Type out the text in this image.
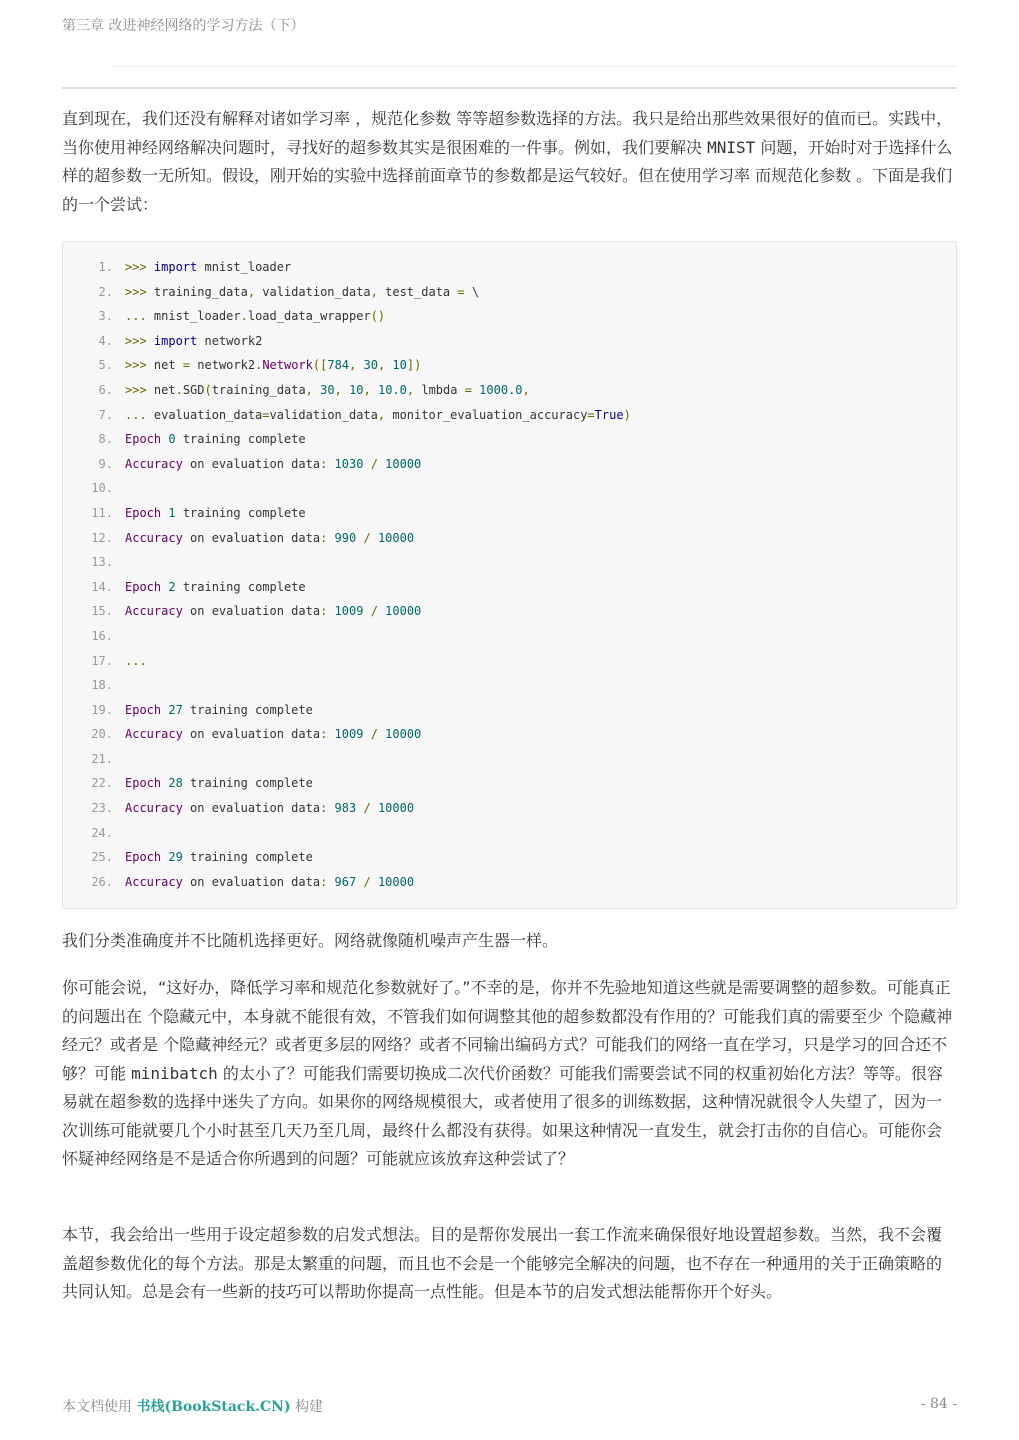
第三章 改进神经网络的学习方法（下）

直到现在，我们还没有解释对诸如学习率 ，规范化参数 等等超参数选择的方法。我只是给出那些效果很好的值而已。实践中，当你使用神经网络解决问题时，寻找好的超参数其实是很困难的一件事。例如，我们要解决 MNIST 问题，开始时对于选择什么样的超参数一无所知。假设，刚开始的实验中选择前面章节的参数都是运气较好。但在使用学习率 而规范化参数 。下面是我们的一个尝试：

1. >>> import mnist_loader
2. >>> training_data, validation_data, test_data = \
3. ... mnist_loader.load_data_wrapper()
4. >>> import network2
5. >>> net = network2.Network([784, 30, 10])
6. >>> net.SGD(training_data, 30, 10, 10.0, lmbda = 1000.0,
7. ... evaluation_data=validation_data, monitor_evaluation_accuracy=True)
8. Epoch 0 training complete
9. Accuracy on evaluation data: 1030 / 10000
10.
11. Epoch 1 training complete
12. Accuracy on evaluation data: 990 / 10000
13.
14. Epoch 2 training complete
15. Accuracy on evaluation data: 1009 / 10000
16.
17. ...
18.
19. Epoch 27 training complete
20. Accuracy on evaluation data: 1009 / 10000
21.
22. Epoch 28 training complete
23. Accuracy on evaluation data: 983 / 10000
24.
25. Epoch 29 training complete
26. Accuracy on evaluation data: 967 / 10000

我们分类准确度并不比随机选择更好。网络就像随机噪声产生器一样。

你可能会说，“这好办，降低学习率和规范化参数就好了。”不幸的是，你并不先验地知道这些就是需要调整的超参数。可能真正的问题出在 个隐藏元中，本身就不能很有效，不管我们如何调整其他的超参数都没有作用的？可能我们真的需要至少 个隐藏神经元？或者是 个隐藏神经元？或者更多层的网络？或者不同输出编码方式？可能我们的网络一直在学习，只是学习的回合还不够？可能 minibatch 的太小了？可能我们需要切换成二次代价函数？可能我们需要尝试不同的权重初始化方法？等等。很容易就在超参数的选择中迷失了方向。如果你的网络规模很大，或者使用了很多的训练数据，这种情况就很令人失望了，因为一次训练可能就要几个小时甚至几天乃至几周，最终什么都没有获得。如果这种情况一直发生，就会打击你的自信心。可能你会怀疑神经网络是不是适合你所遇到的问题？可能就应该放弃这种尝试了？

本节，我会给出一些用于设定超参数的启发式想法。目的是帮你发展出一套工作流来确保很好地设置超参数。当然，我不会覆盖超参数优化的每个方法。那是太繁重的问题，而且也不会是一个能够完全解决的问题，也不存在一种通用的关于正确策略的共同认知。总是会有一些新的技巧可以帮助你提高一点性能。但是本节的启发式想法能帮你开个好头。

本文档使用 书栈(BookStack.CN) 构建	- 84 -
